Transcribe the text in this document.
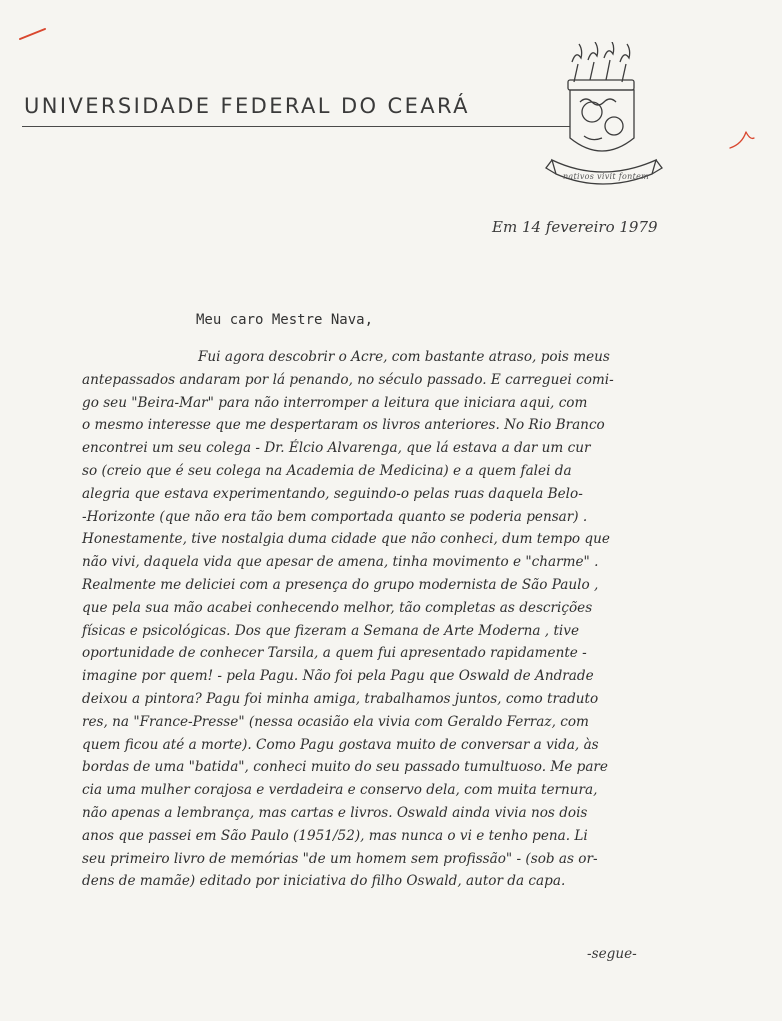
UNIVERSIDADE FEDERAL DO CEARÁ
nativos vivit fontem
Em 14 fevereiro 1979
Meu caro Mestre Nava,
Fui agora descobrir o Acre, com bastante atraso, pois meus
antepassados andaram por lá penando, no século passado. E carreguei comi-
go seu "Beira-Mar" para não interromper a leitura que iniciara aqui, com
o mesmo interesse que me despertaram os livros anteriores. No Rio Branco
encontrei um seu colega - Dr. Élcio Alvarenga, que lá estava a dar um cur
so (creio que é seu colega na Academia de Medicina) e a quem falei da
alegria que estava experimentando, seguindo-o pelas ruas daquela Belo-
-Horizonte (que não era tão bem comportada quanto se poderia pensar) .
Honestamente, tive nostalgia duma cidade que não conheci, dum tempo que
não vivi, daquela vida que apesar de amena, tinha movimento e "charme" .
Realmente me deliciei com a presença do grupo modernista de São Paulo ,
que pela sua mão acabei conhecendo melhor, tão completas as descrições
físicas e psicológicas. Dos que fizeram a Semana de Arte Moderna , tive
oportunidade de conhecer Tarsila, a quem fui apresentado rapidamente -
imagine por quem! - pela Pagu. Não foi pela Pagu que Oswald de Andrade
deixou a pintora? Pagu foi minha amiga, trabalhamos juntos, como traduto
res, na "France-Presse" (nessa ocasião ela vivia com Geraldo Ferraz, com
quem ficou até a morte). Como Pagu gostava muito de conversar a vida, às
bordas de uma "batida", conheci muito do seu passado tumultuoso. Me pare
cia uma mulher corajosa e verdadeira e conservo dela, com muita ternura,
não apenas a lembrança, mas cartas e livros. Oswald ainda vivia nos dois
anos que passei em São Paulo (1951/52), mas nunca o vi e tenho pena. Li
seu primeiro livro de memórias "de um homem sem profissão" - (sob as or-
dens de mamãe) editado por iniciativa do filho Oswald, autor da capa.
-segue-
